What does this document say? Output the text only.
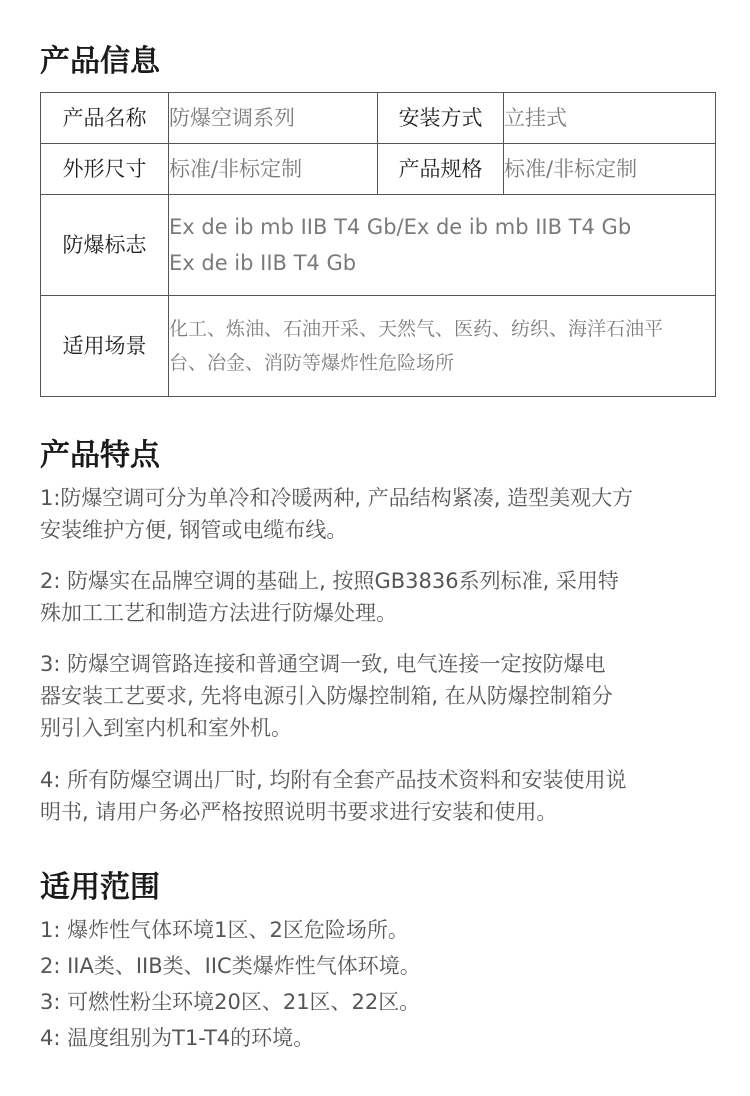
产品信息
产品名称	防爆空调系列	安装方式	立挂式
外形尺寸	标准/非标定制	产品规格	标准/非标定制
防爆标志	Ex de ib mb IIB T4 Gb/Ex de ib mb IIB T4 Gb
Ex de ib IIB T4 Gb		

适用场景	化工、炼油、石油开采、天然气、医药、纺织、海洋石油平
台、冶金、消防等爆炸性危险场所		
产品特点
1:防爆空调可分为单冷和冷暖两种, 产品结构紧凑, 造型美观大方
安装维护方便, 钢管或电缆布线。
2: 防爆实在品牌空调的基础上, 按照GB3836系列标准, 采用特
殊加工工艺和制造方法进行防爆处理。
3: 防爆空调管路连接和普通空调一致, 电气连接一定按防爆电
器安装工艺要求, 先将电源引入防爆控制箱, 在从防爆控制箱分
别引入到室内机和室外机。
4: 所有防爆空调出厂时, 均附有全套产品技术资料和安装使用说
明书, 请用户务必严格按照说明书要求进行安装和使用。
适用范围
1: 爆炸性气体环境1区、2区危险场所。
2: IIA类、IIB类、IIC类爆炸性气体环境。
3: 可燃性粉尘环境20区、21区、22区。
4: 温度组别为T1-T4的环境。
